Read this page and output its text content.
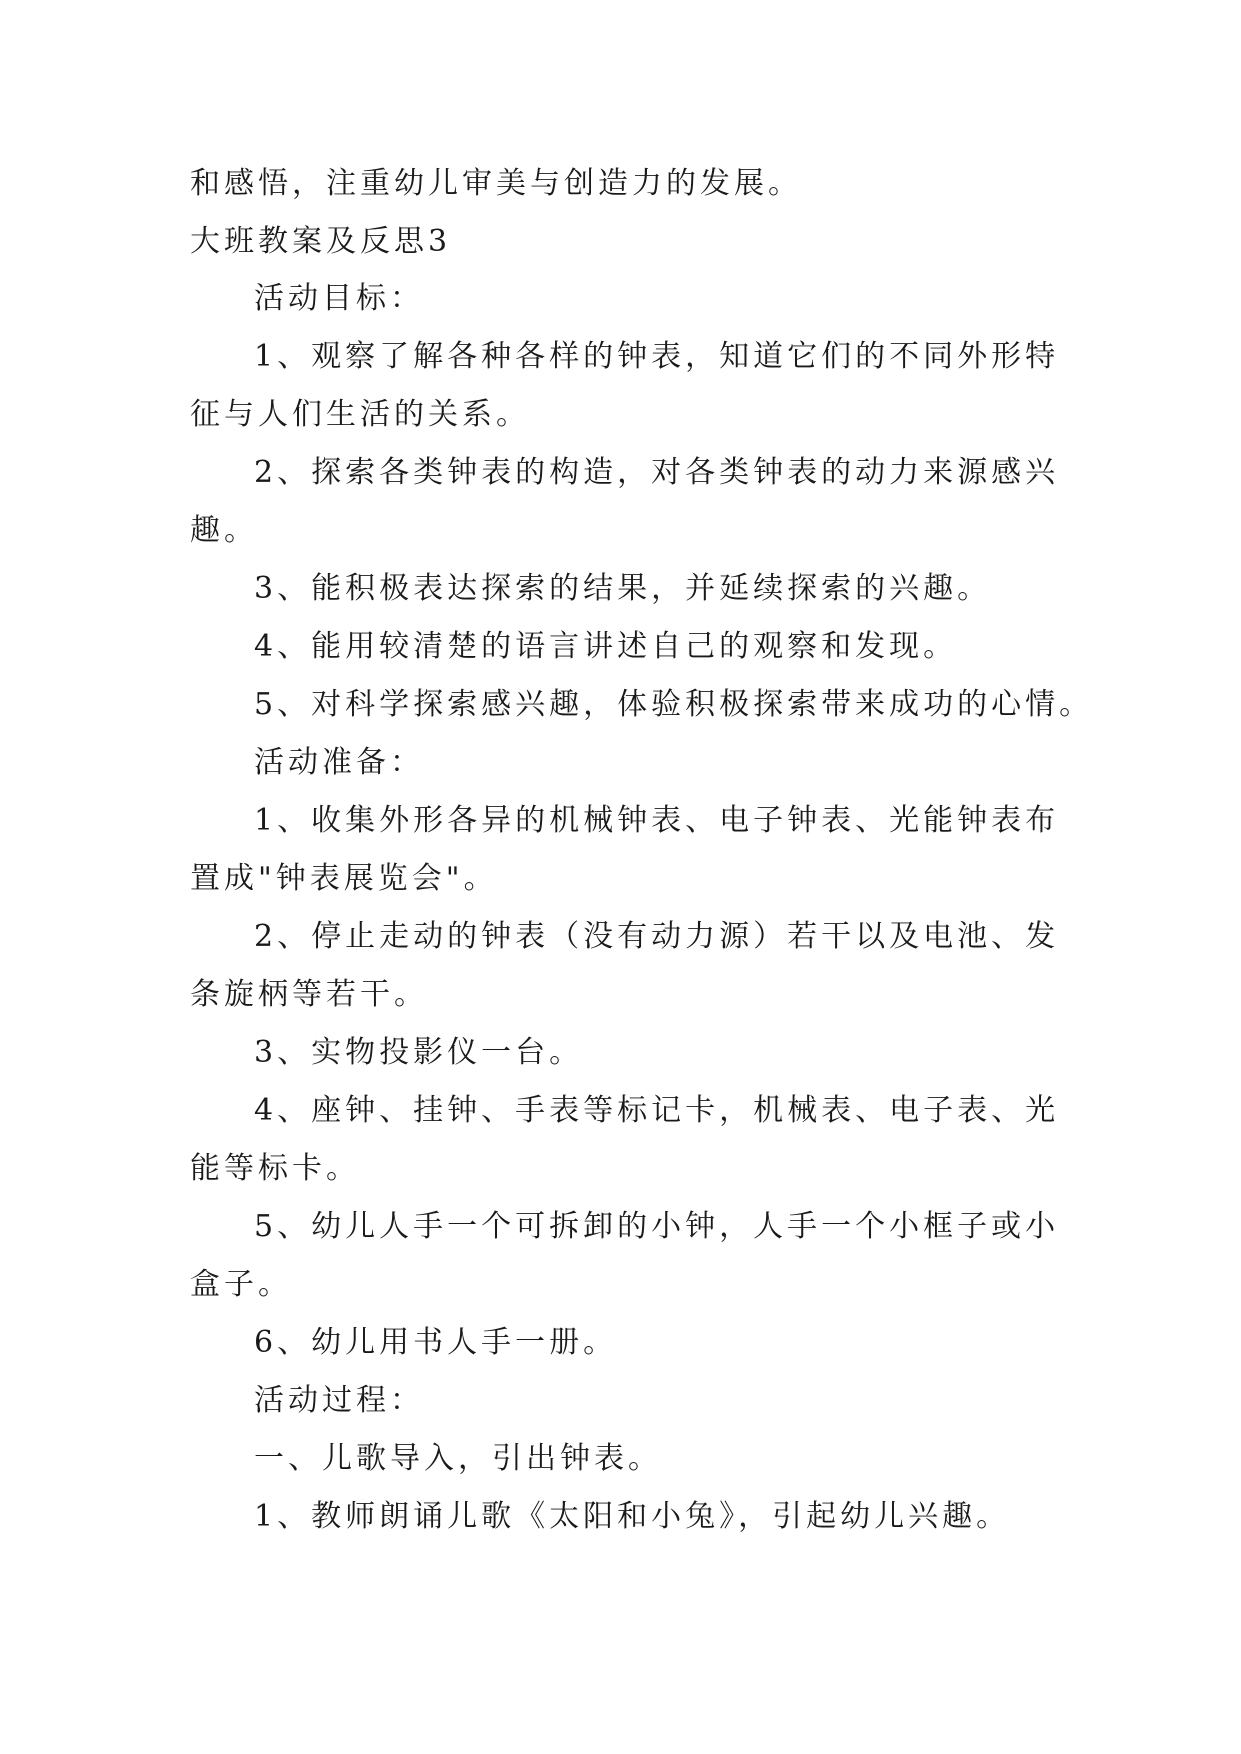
和感悟，注重幼儿审美与创造力的发展。
大班教案及反思3
活动目标：
1、观察了解各种各样的钟表，知道它们的不同外形特
征与人们生活的关系。
2、探索各类钟表的构造，对各类钟表的动力来源感兴
趣。
3、能积极表达探索的结果，并延续探索的兴趣。
4、能用较清楚的语言讲述自己的观察和发现。
5、对科学探索感兴趣，体验积极探索带来成功的心情。
活动准备：
1、收集外形各异的机械钟表、电子钟表、光能钟表布
置成"钟表展览会"。
2、停止走动的钟表（没有动力源）若干以及电池、发
条旋柄等若干。
3、实物投影仪一台。
4、座钟、挂钟、手表等标记卡，机械表、电子表、光
能等标卡。
5、幼儿人手一个可拆卸的小钟，人手一个小框子或小
盒子。
6、幼儿用书人手一册。
活动过程：
一、儿歌导入，引出钟表。
1、教师朗诵儿歌《太阳和小兔》，引起幼儿兴趣。
